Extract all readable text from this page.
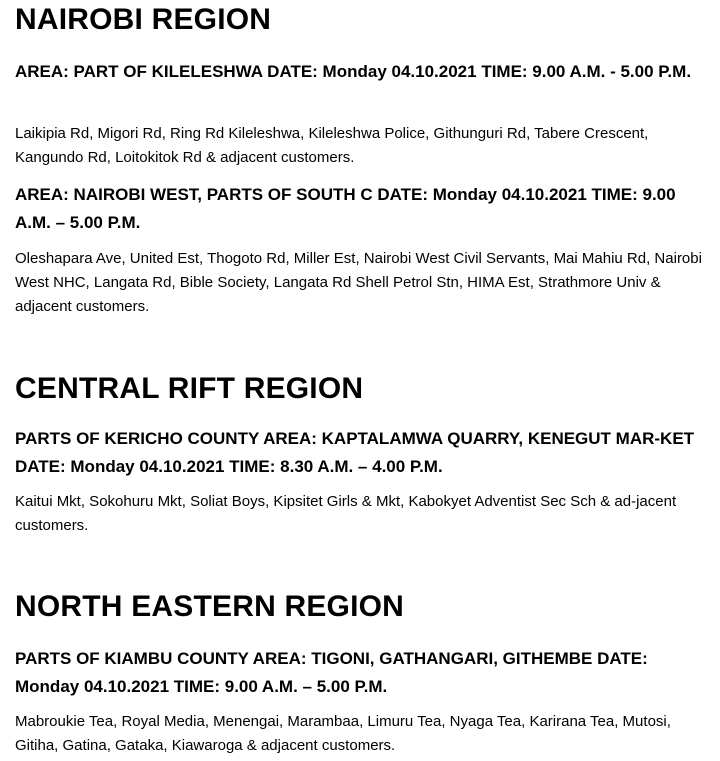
NAIROBI REGION

AREA: PART OF KILELESHWA DATE: Monday 04.10.2021 TIME: 9.00 A.M. - 5.00 P.M.

Laikipia Rd, Migori Rd, Ring Rd Kileleshwa, Kileleshwa Police, Githunguri Rd, Tabere Crescent, Kangundo Rd, Loitokitok Rd & adjacent customers.

AREA: NAIROBI WEST, PARTS OF SOUTH C DATE: Monday 04.10.2021 TIME: 9.00 A.M. – 5.00 P.M.

Oleshapara Ave, United Est, Thogoto Rd, Miller Est, Nairobi West Civil Servants, Mai Mahiu Rd, Nairobi West NHC, Langata Rd, Bible Society, Langata Rd Shell Petrol Stn, HIMA Est, Strathmore Univ & adjacent customers.

CENTRAL RIFT REGION

PARTS OF KERICHO COUNTY AREA: KAPTALAMWA QUARRY, KENEGUT MAR-KET DATE: Monday 04.10.2021 TIME: 8.30 A.M. – 4.00 P.M.

Kaitui Mkt, Sokohuru Mkt, Soliat Boys, Kipsitet Girls & Mkt, Kabokyet Adventist Sec Sch & ad-jacent customers.

NORTH EASTERN REGION

PARTS OF KIAMBU COUNTY AREA: TIGONI, GATHANGARI, GITHEMBE DATE: Monday 04.10.2021 TIME: 9.00 A.M. – 5.00 P.M.

Mabroukie Tea, Royal Media, Menengai, Marambaa, Limuru Tea, Nyaga Tea, Karirana Tea, Mutosi, Gitiha, Gatina, Gataka, Kiawaroga & adjacent customers.
